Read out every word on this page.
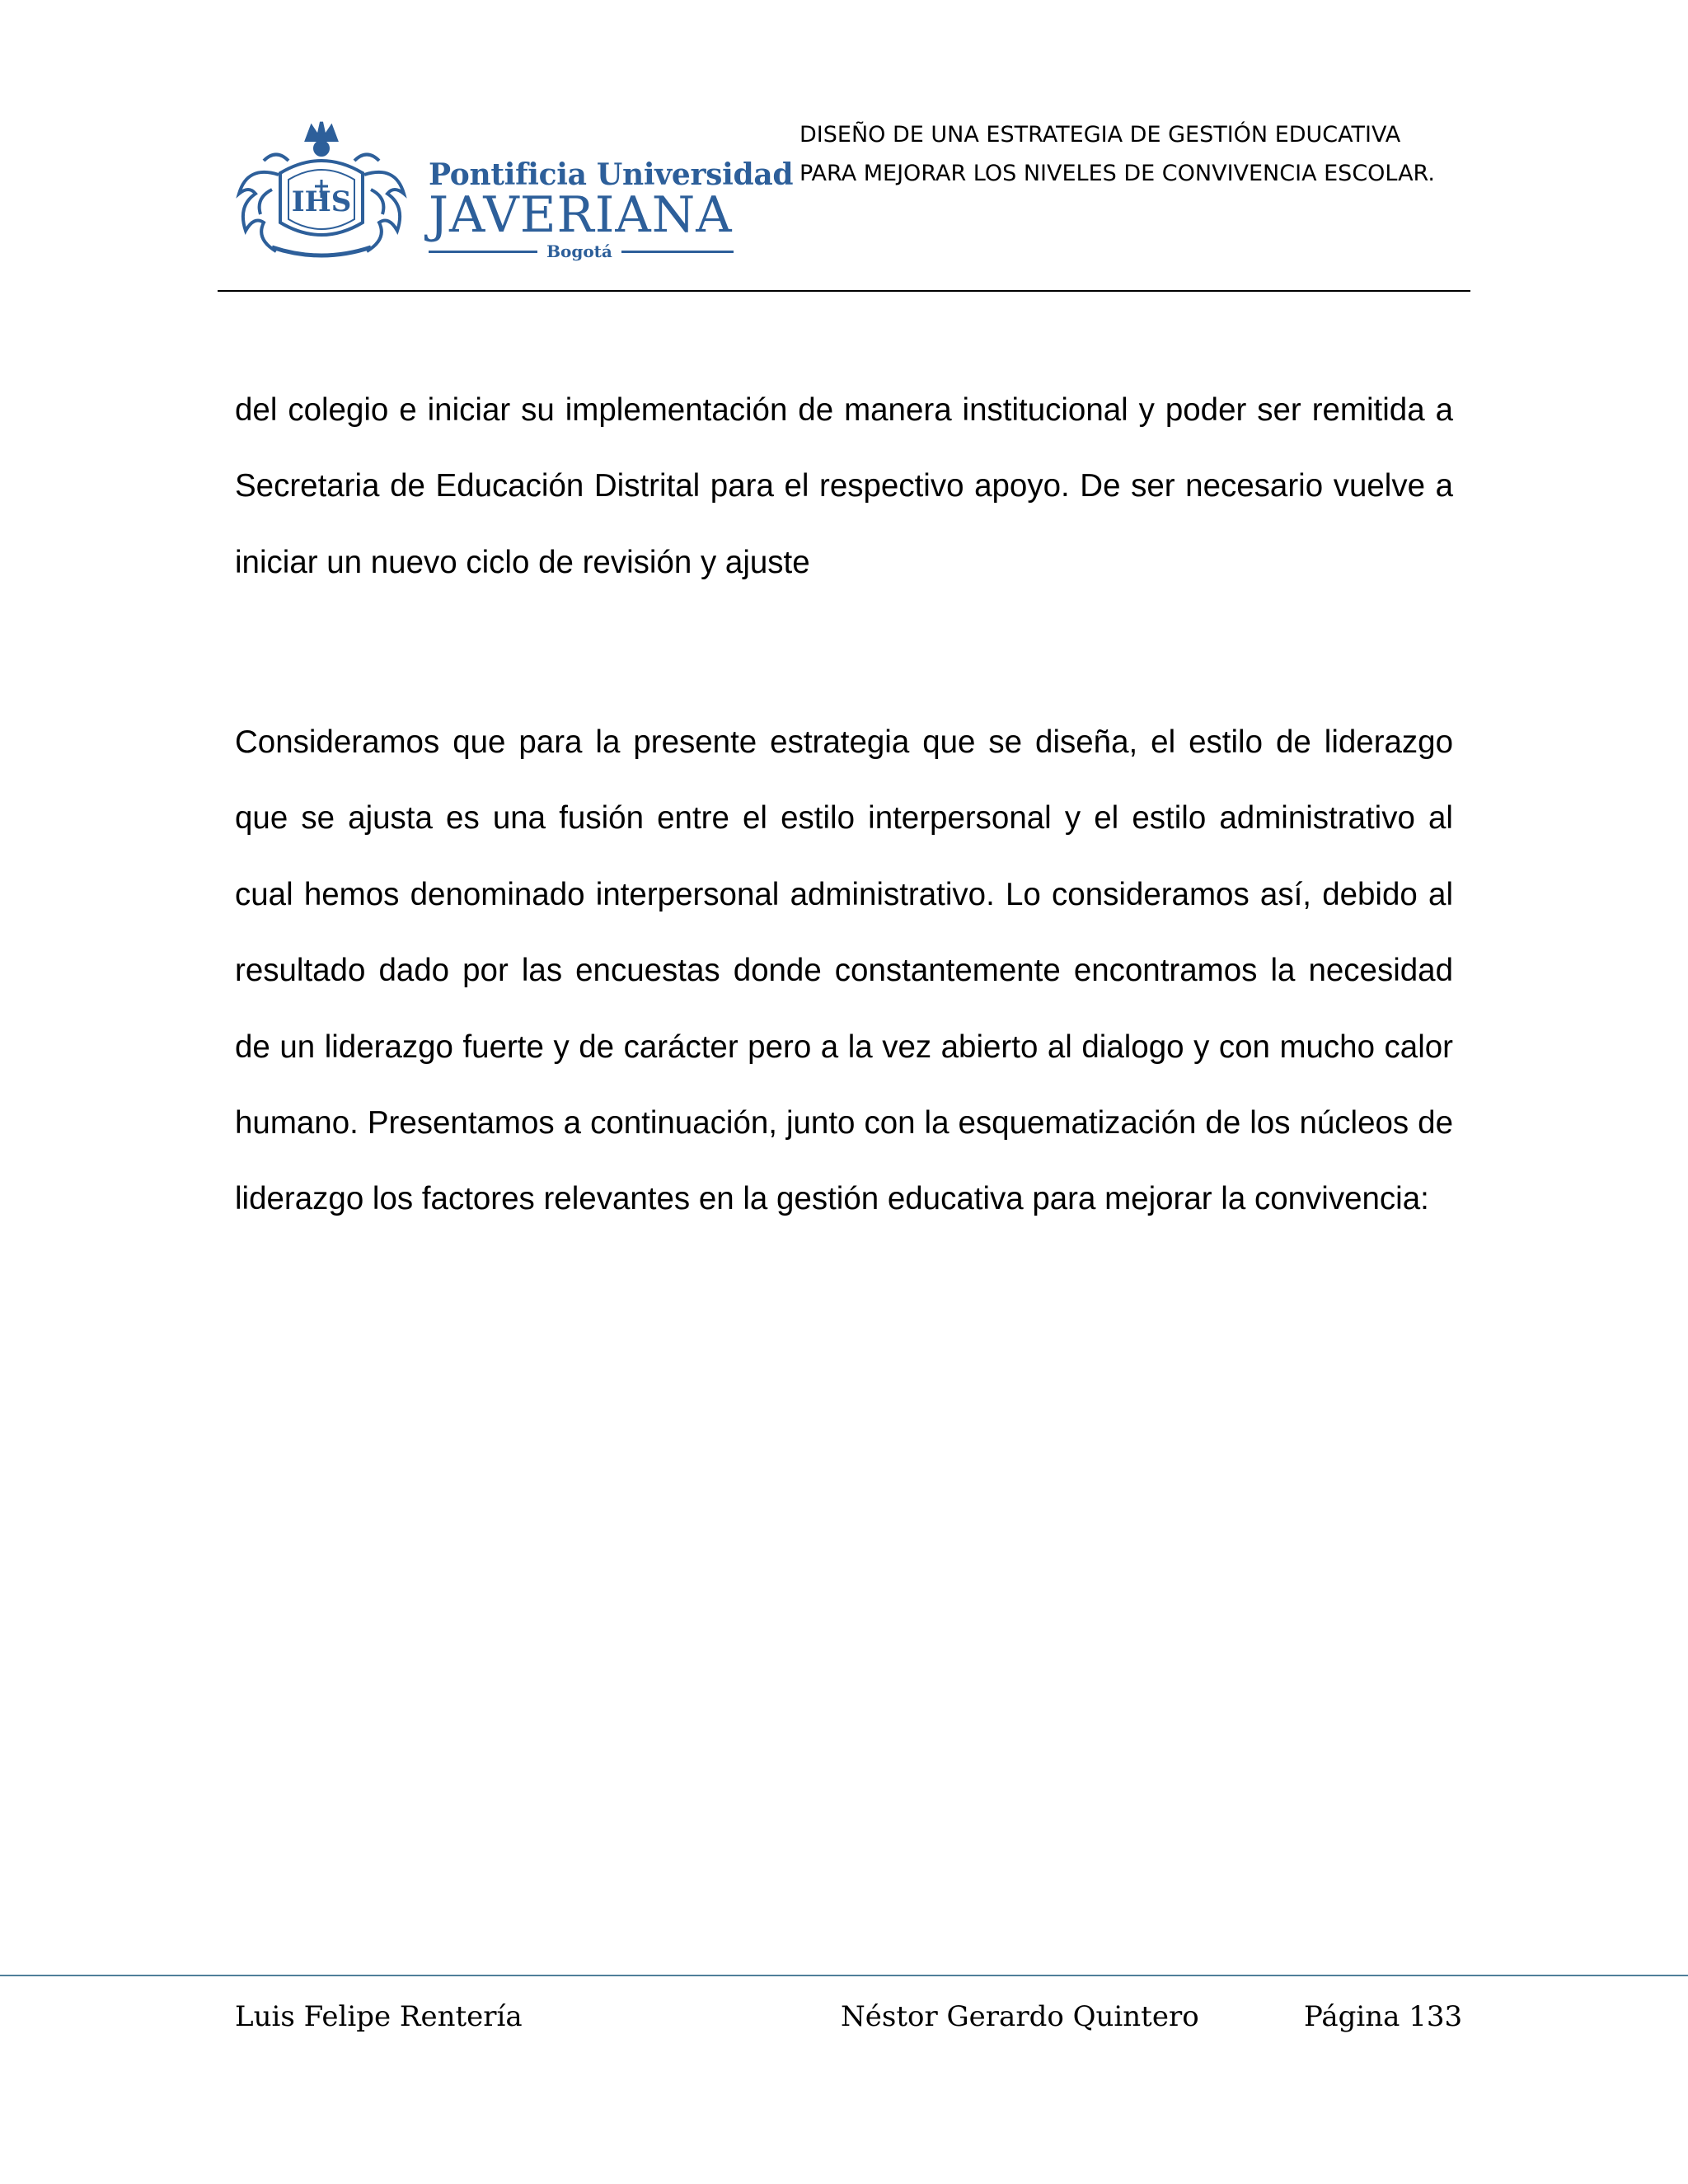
IHS
Pontificia Universidad
JAVERIANA
Bogotá
DISEÑO DE UNA ESTRATEGIA DE GESTIÓN EDUCATIVA
PARA MEJORAR LOS NIVELES DE CONVIVENCIA ESCOLAR.

del colegio e iniciar su implementación de manera institucional y poder ser remitida a Secretaria de Educación Distrital para el respectivo apoyo. De ser necesario vuelve a iniciar un nuevo ciclo de revisión y ajuste

Consideramos que para la presente estrategia que se diseña, el estilo de liderazgo que se ajusta es una fusión entre el estilo interpersonal y el estilo administrativo al cual hemos denominado interpersonal administrativo. Lo consideramos así, debido al resultado dado por las encuestas donde constantemente encontramos la necesidad de un liderazgo fuerte y de carácter pero a la vez abierto al dialogo y con mucho calor humano. Presentamos a continuación, junto con la esquematización de los núcleos de liderazgo los factores relevantes en la gestión educativa para mejorar la convivencia:

Luis Felipe Rentería	Néstor Gerardo Quintero	Página 133
